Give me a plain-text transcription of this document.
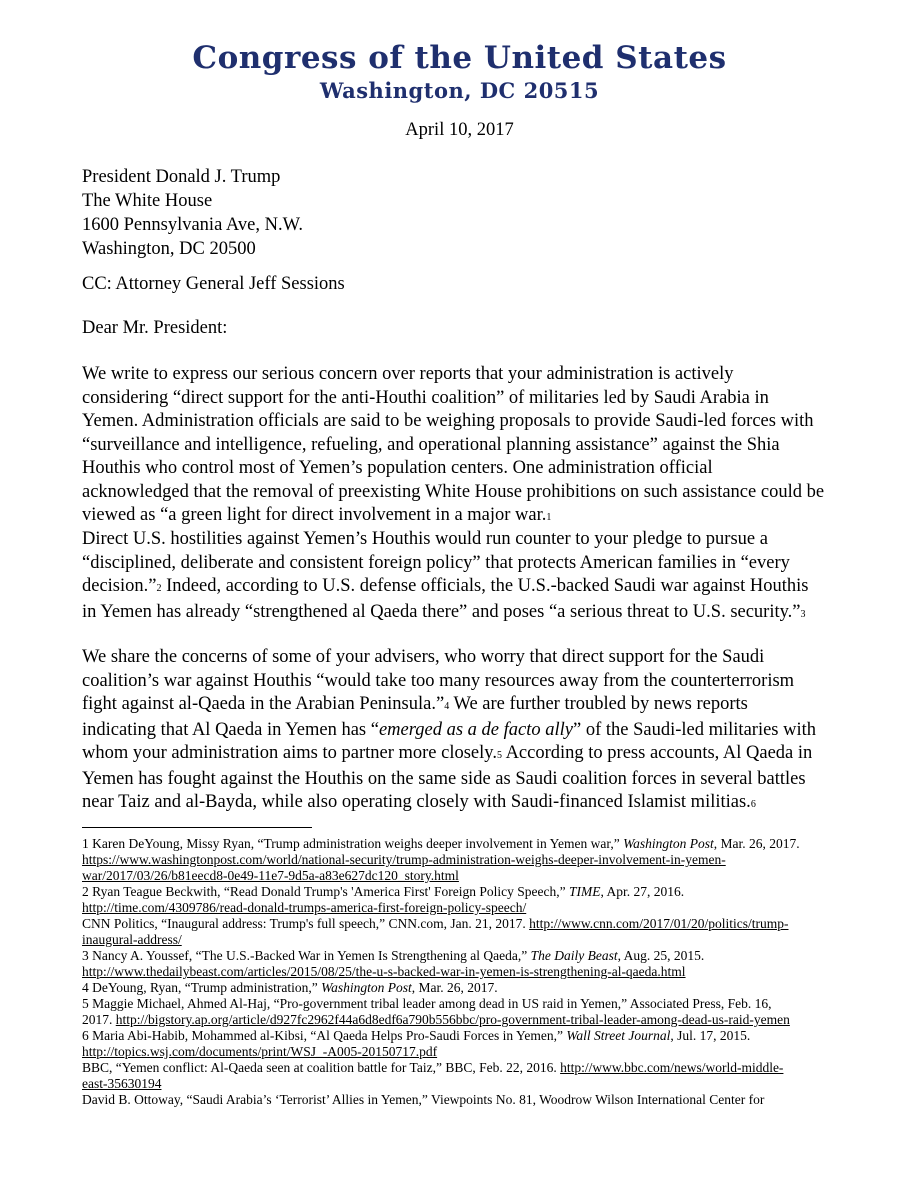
Congress of the United States
Washington, DC 20515
April 10, 2017
President Donald J. Trump
The White House
1600 Pennsylvania Ave, N.W.
Washington, DC 20500
CC: Attorney General Jeff Sessions
Dear Mr. President:
We write to express our serious concern over reports that your administration is actively
considering “direct support for the anti-Houthi coalition” of militaries led by Saudi Arabia in
Yemen. Administration officials are said to be weighing proposals to provide Saudi-led forces with
“surveillance and intelligence, refueling, and operational planning assistance” against the Shia
Houthis who control most of Yemen’s population centers. One administration official
acknowledged that the removal of preexisting White House prohibitions on such assistance could be
viewed as “a green light for direct involvement in a major war.1
Direct U.S. hostilities against Yemen’s Houthis would run counter to your pledge to pursue a
“disciplined, deliberate and consistent foreign policy” that protects American families in “every
decision.”2 Indeed, according to U.S. defense officials, the U.S.-backed Saudi war against Houthis
in Yemen has already “strengthened al Qaeda there” and poses “a serious threat to U.S. security.”3
We share the concerns of some of your advisers, who worry that direct support for the Saudi
coalition’s war against Houthis “would take too many resources away from the counterterrorism
fight against al-Qaeda in the Arabian Peninsula.”4 We are further troubled by news reports
indicating that Al Qaeda in Yemen has “emerged as a de facto ally” of the Saudi-led militaries with
whom your administration aims to partner more closely.5 According to press accounts, Al Qaeda in
Yemen has fought against the Houthis on the same side as Saudi coalition forces in several battles
near Taiz and al-Bayda, while also operating closely with Saudi-financed Islamist militias.6
1 Karen DeYoung, Missy Ryan, “Trump administration weighs deeper involvement in Yemen war,” Washington Post, Mar. 26, 2017.
https://www.washingtonpost.com/world/national-security/trump-administration-weighs-deeper-involvement-in-yemen-
war/2017/03/26/b81eecd8-0e49-11e7-9d5a-a83e627dc120_story.html
2 Ryan Teague Beckwith, “Read Donald Trump's 'America First' Foreign Policy Speech,” TIME, Apr. 27, 2016.
http://time.com/4309786/read-donald-trumps-america-first-foreign-policy-speech/
CNN Politics, “Inaugural address: Trump's full speech,” CNN.com, Jan. 21, 2017. http://www.cnn.com/2017/01/20/politics/trump-
inaugural-address/
3 Nancy A. Youssef, “The U.S.-Backed War in Yemen Is Strengthening al Qaeda,” The Daily Beast, Aug. 25, 2015.
http://www.thedailybeast.com/articles/2015/08/25/the-u-s-backed-war-in-yemen-is-strengthening-al-qaeda.html
4 DeYoung, Ryan, “Trump administration,” Washington Post, Mar. 26, 2017.
5 Maggie Michael, Ahmed Al-Haj, “Pro-government tribal leader among dead in US raid in Yemen,” Associated Press, Feb. 16,
2017. http://bigstory.ap.org/article/d927fc2962f44a6d8edf6a790b556bbc/pro-government-tribal-leader-among-dead-us-raid-yemen
6 Maria Abi-Habib, Mohammed al-Kibsi, “Al Qaeda Helps Pro-Saudi Forces in Yemen,” Wall Street Journal, Jul. 17, 2015.
http://topics.wsj.com/documents/print/WSJ_-A005-20150717.pdf
BBC, “Yemen conflict: Al-Qaeda seen at coalition battle for Taiz,” BBC, Feb. 22, 2016. http://www.bbc.com/news/world-middle-
east-35630194
David B. Ottoway, “Saudi Arabia’s ‘Terrorist’ Allies in Yemen,” Viewpoints No. 81, Woodrow Wilson International Center for
